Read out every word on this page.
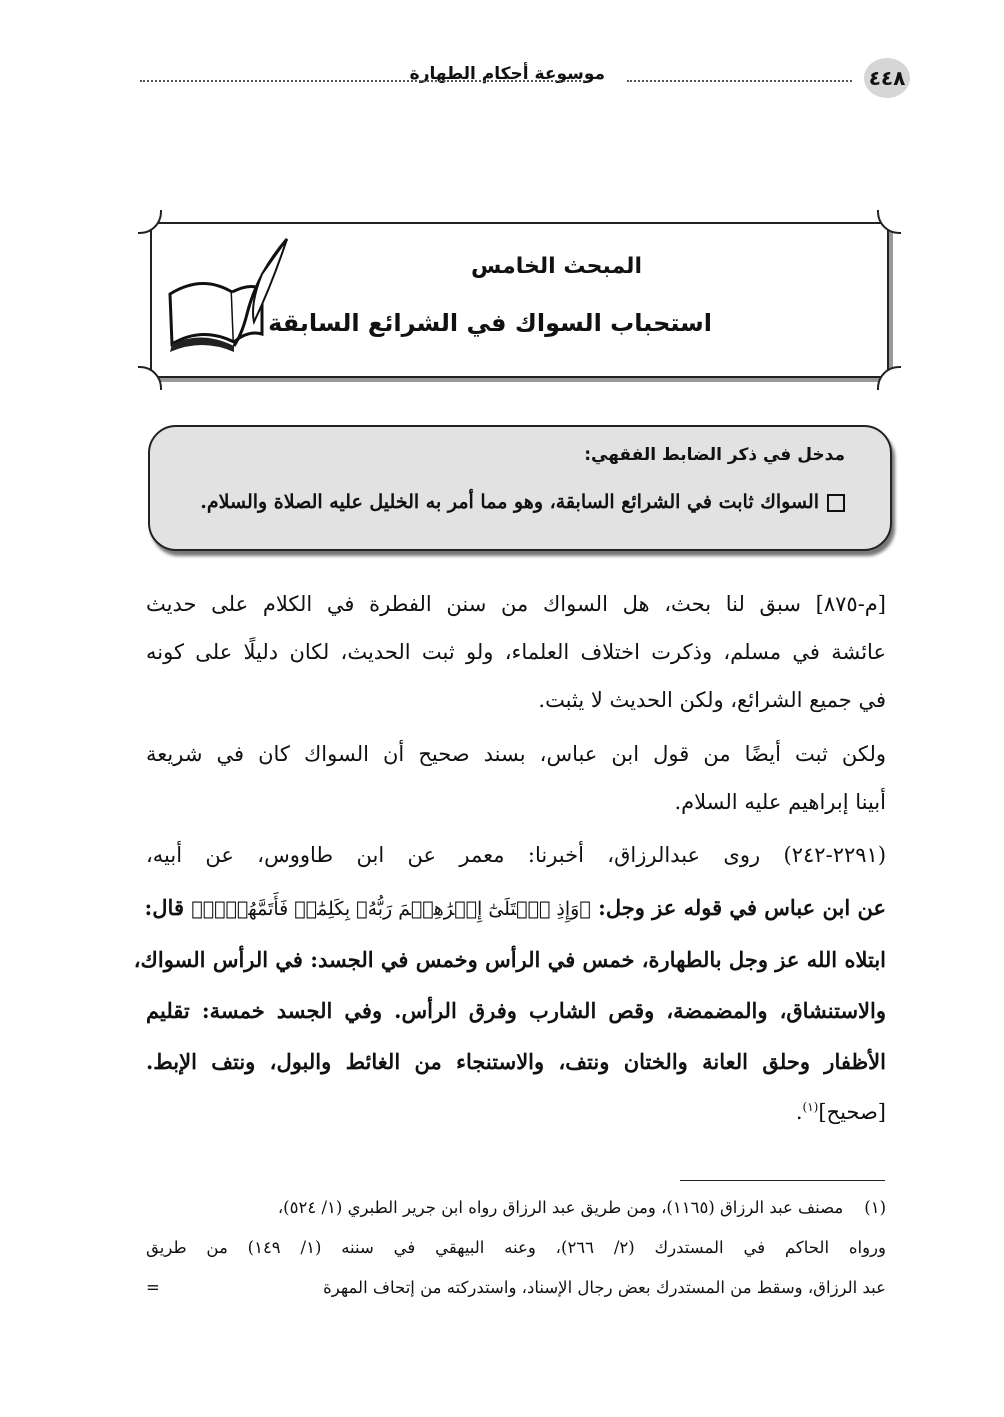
٤٤٨
موسوعة أحكام الطهارة
المبحث الخامس
استحباب السواك في الشرائع السابقة
مدخل في ذكر الضابط الفقهي:
السواك ثابت في الشرائع السابقة، وهو مما أمر به الخليل عليه الصلاة والسلام.
[م-٨٧٥] سبق لنا بحث، هل السواك من سنن الفطرة في الكلام على حديث
عائشة في مسلم، وذكرت اختلاف العلماء، ولو ثبت الحديث، لكان دليلًا على كونه
في جميع الشرائع، ولكن الحديث لا يثبت.
ولكن ثبت أيضًا من قول ابن عباس، بسند صحيح أن السواك كان في شريعة
أبينا إبراهيم عليه السلام.
(٢٢٩١-٢٤٢) روى عبدالرزاق، أخبرنا: معمر عن ابن طاووس، عن أبيه،
عن ابن عباس في قوله عز وجل: ﴿وَإِذِ ٱبۡتَلَىٰٓ إِبۡرَٰهِـۧمَ رَبُّهُۥ بِكَلِمَٰتٖ فَأَتَمَّهُنَّۖ﴾ قال:
ابتلاه الله عز وجل بالطهارة، خمس في الرأس وخمس في الجسد: في الرأس السواك،
والاستنشاق، والمضمضة، وقص الشارب وفرق الرأس. وفي الجسد خمسة: تقليم
الأظفار وحلق العانة والختان ونتف، والاستنجاء من الغائط والبول، ونتف الإبط.
[صحيح]$^{(١)}$.
(١)    مصنف عبد الرزاق (١١٦٥)، ومن طريق عبد الرزاق رواه ابن جرير الطبري (١/ ٥٢٤)،
ورواه الحاكم في المستدرك (٢/ ٢٦٦)، وعنه البيهقي في سننه (١/ ١٤٩) من طريق
عبد الرزاق، وسقط من المستدرك بعض رجال الإسناد، واستدركته من إتحاف المهرة
=
